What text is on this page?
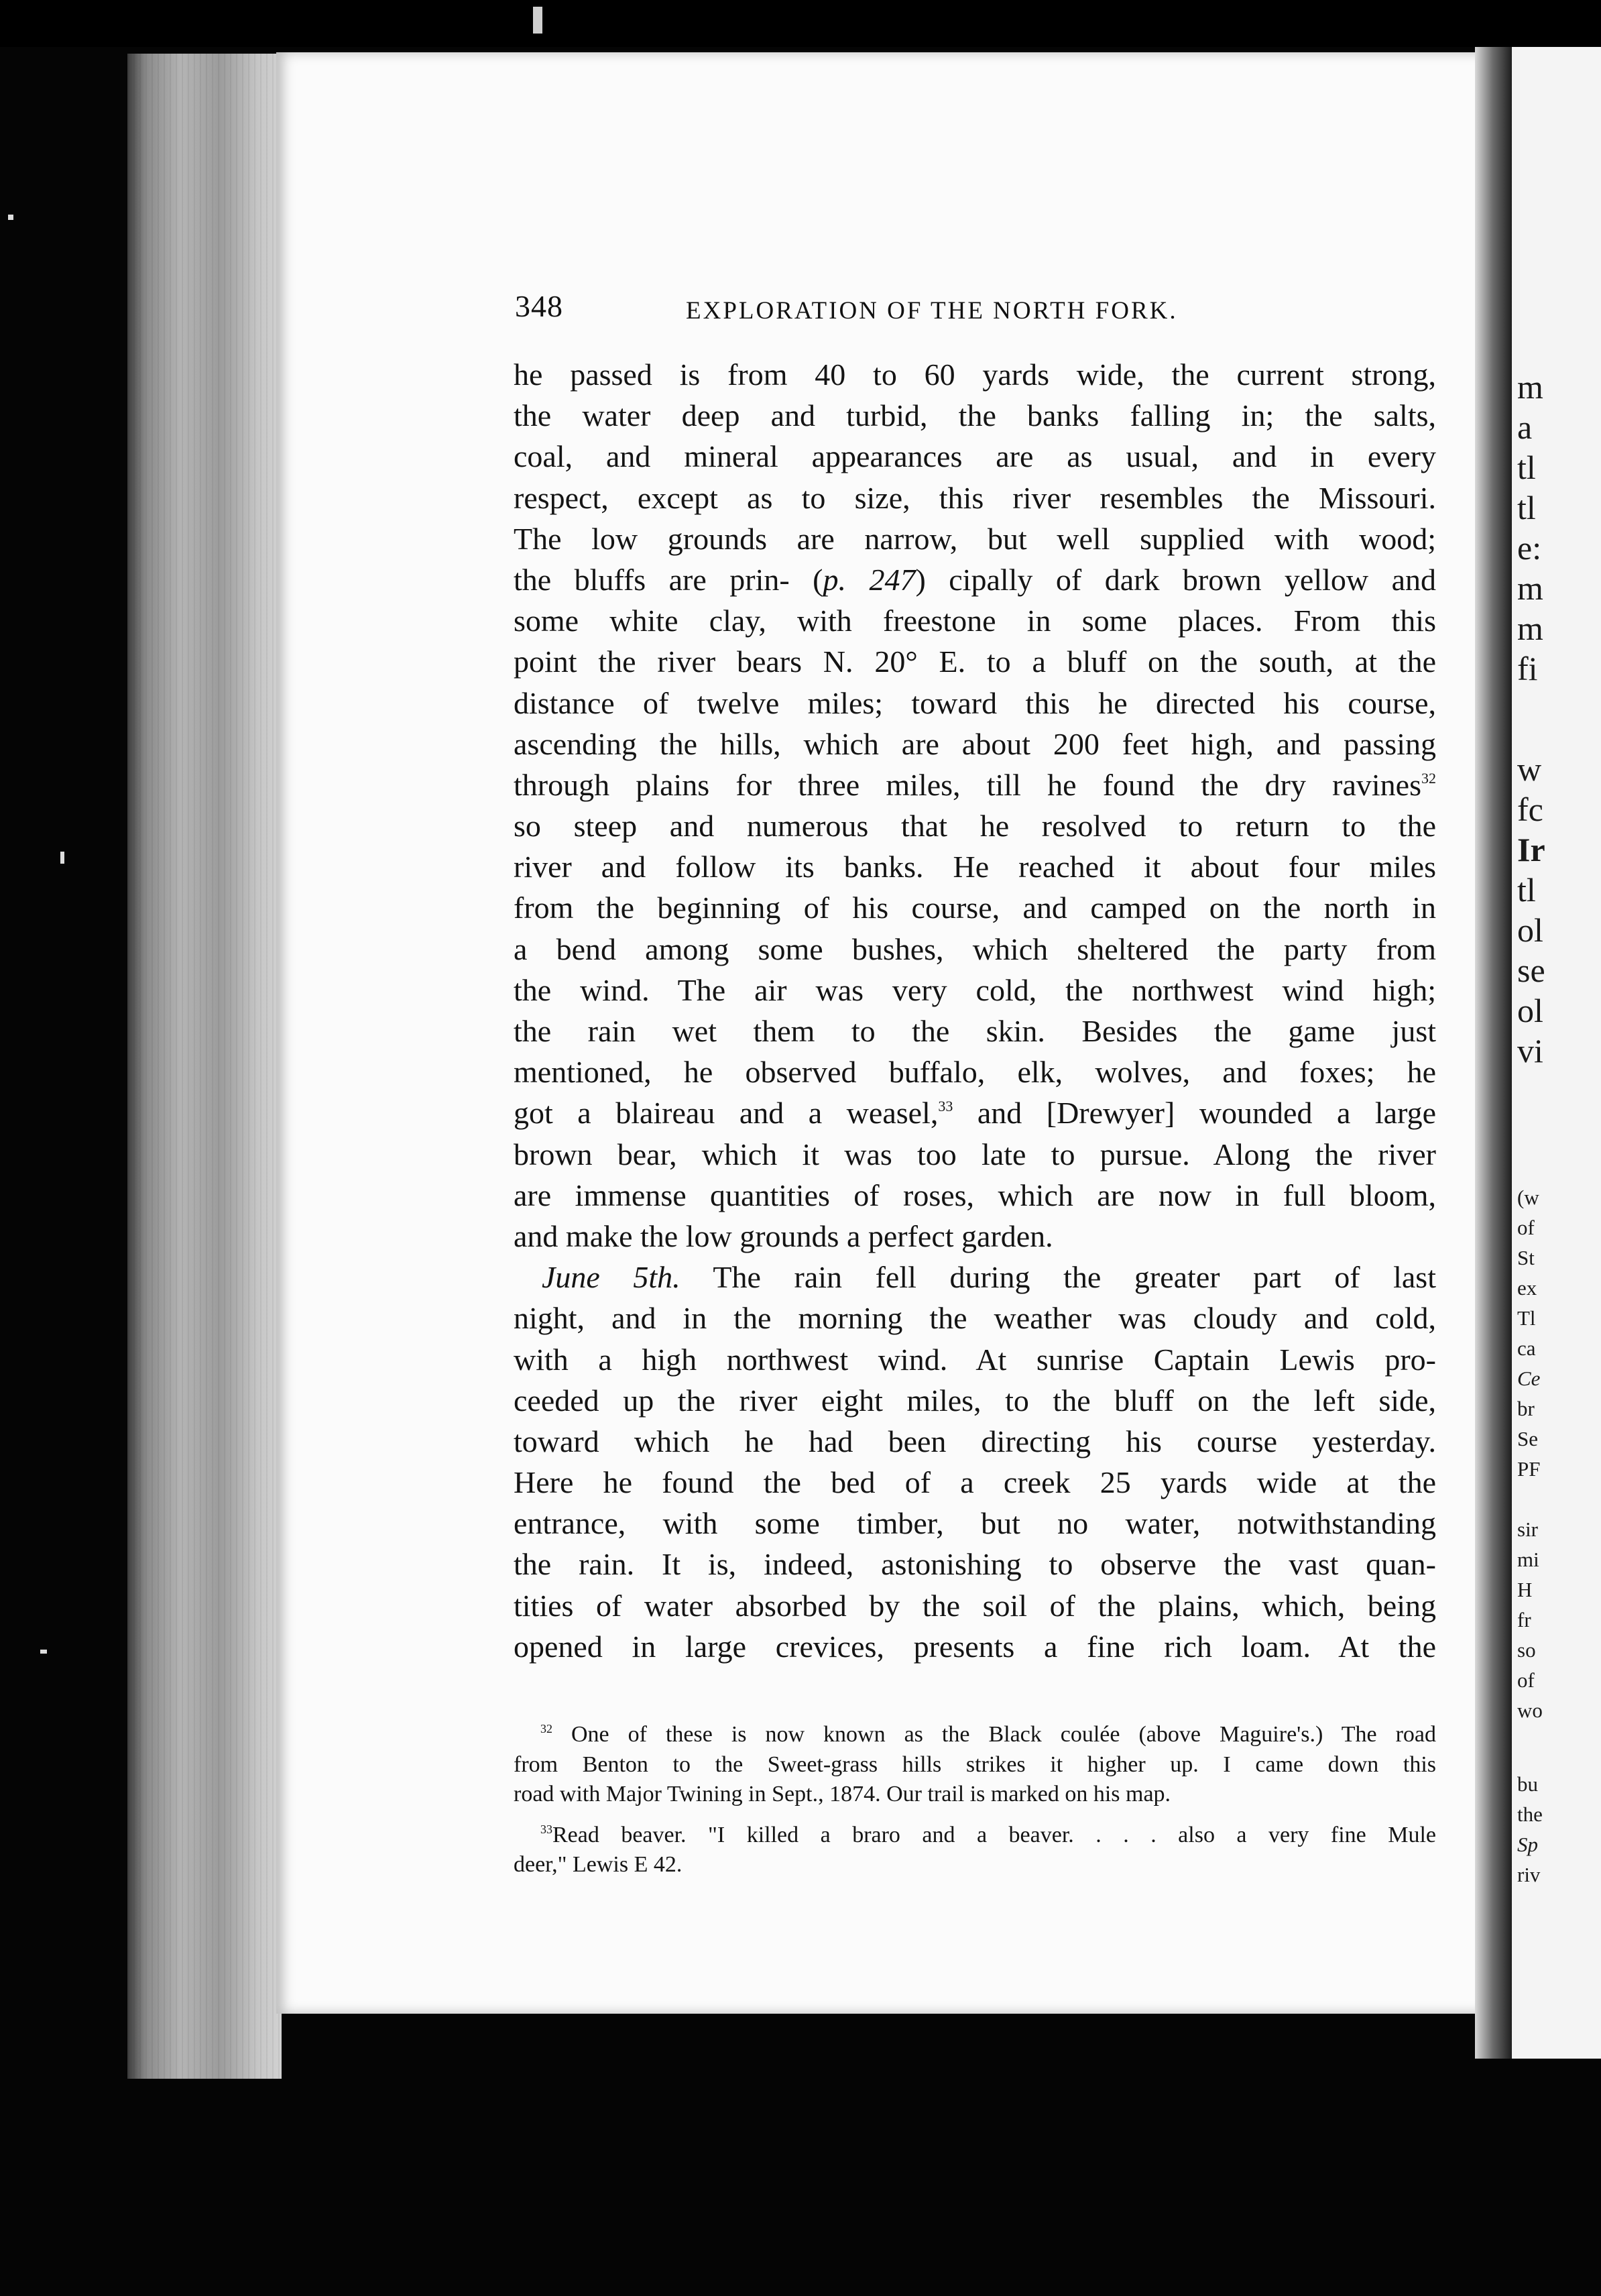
m
a
tl
tl
e:
m
m
fi
w
fc
Ir
tl
ol
se
ol
vi
(w
of
St
ex
Tl
ca
Ce
br
Se
PF
sir
mi
H
fr
so
of
wo
bu
the
Sp
riv
348	EXPLORATION OF THE NORTH FORK.
he passed is from 40 to 60 yards wide, the current strong,
the water deep and turbid, the banks falling in; the salts,
coal, and mineral appearances are as usual, and in every
respect, except as to size, this river resembles the Missouri.
The low grounds are narrow, but well supplied with wood;
the bluffs are prin- (p. 247) cipally of dark brown yellow and
some white clay, with freestone in some places. From this
point the river bears N. 20° E. to a bluff on the south, at the
distance of twelve miles; toward this he directed his course,
ascending the hills, which are about 200 feet high, and passing
through plains for three miles, till he found the dry ravines$^{32}$
so steep and numerous that he resolved to return to the
river and follow its banks. He reached it about four miles
from the beginning of his course, and camped on the north in
a bend among some bushes, which sheltered the party from
the wind. The air was very cold, the northwest wind high;
the rain wet them to the skin. Besides the game just
mentioned, he observed buffalo, elk, wolves, and foxes; he
got a blaireau and a weasel,$^{33}$ and [Drewyer] wounded a large
brown bear, which it was too late to pursue. Along the river
are immense quantities of roses, which are now in full bloom,
and make the low grounds a perfect garden.
June 5th. The rain fell during the greater part of last
night, and in the morning the weather was cloudy and cold,
with a high northwest wind. At sunrise Captain Lewis pro-
ceeded up the river eight miles, to the bluff on the left side,
toward which he had been directing his course yesterday.
Here he found the bed of a creek 25 yards wide at the
entrance, with some timber, but no water, notwithstanding
the rain. It is, indeed, astonishing to observe the vast quan-
tities of water absorbed by the soil of the plains, which, being
opened in large crevices, presents a fine rich loam. At the
$^{32}$ One of these is now known as the Black coulée (above Maguire's.) The road
from Benton to the Sweet-grass hills strikes it higher up. I came down this
road with Major Twining in Sept., 1874. Our trail is marked on his map.
$^{33}$Read beaver. "I killed a braro and a beaver. . . . also a very fine Mule
deer," Lewis E 42.
